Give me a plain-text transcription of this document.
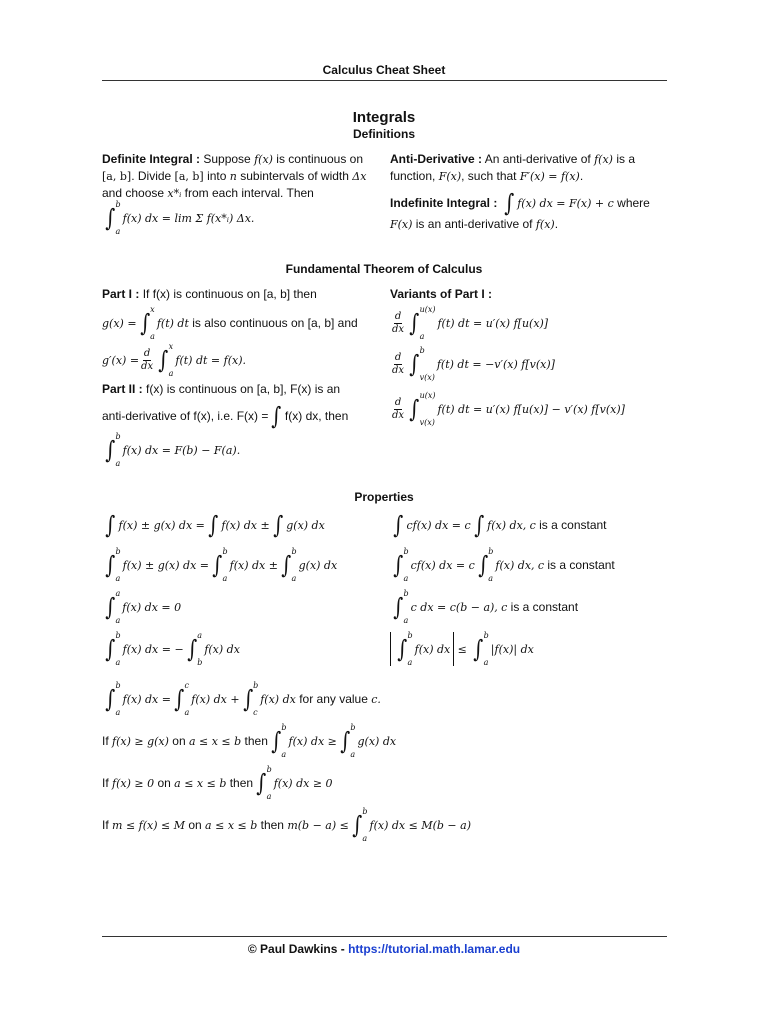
Calculus Cheat Sheet
Integrals
Definitions
Definite Integral : Suppose f(x) is continuous on
[a, b]. Divide [a, b] into n subintervals of width Δx
and choose x*ᵢ from each interval. Then
∫ b
a
f(x) dx = lim Σ f(x*ᵢ) Δx.
Anti-Derivative : An anti-derivative of f(x) is a
function, F(x), such that F′(x) = f(x).
Indefinite Integral :
∫ f(x) dx = F(x) + c
where
F(x) is an anti-derivative of f(x).
Fundamental Theorem of Calculus
Part I : If f(x) is continuous on [a, b] then
g(x) = ∫ x
a
f(t) dt
is also continuous on [a, b] and
$g'(x) = \frac{d}{dx}$ ∫ x
a
f(t) dt = f(x).
Part II : f(x) is continuous on [a, b], F(x) is an
anti-derivative of f(x), i.e. F(x) = ∫ f(x) dx, then
∫ b
a
f(x) dx = F(b) − F(a).
Variants of Part I :
$\frac{d}{dx}$ ∫ u(x)
a
f(t) dt = u′(x) f[u(x)]
$\frac{d}{dx}$ ∫ b
v(x)
f(t) dt = −v′(x) f[v(x)]
$\frac{d}{dx}$ ∫ u(x)
v(x)
f(t) dt = u′(x) f[u(x)] − v′(x) f[v(x)]
Properties
∫ f(x) ± g(x) dx = ∫ f(x) dx ± ∫ g(x) dx
∫ b
a
f(x) ± g(x) dx = ∫ b
a
f(x) dx ± ∫ b
a
g(x) dx
∫ a
a
f(x) dx = 0
∫ b
a
f(x) dx = − ∫ a
b
f(x) dx
∫ cf(x) dx = c ∫ f(x) dx,
c
is a constant
∫ b
a
cf(x) dx = c ∫ b
a
f(x) dx,
c
is a constant
∫ b
a
c dx = c(b − a),
c
is a constant
∫ b
a
f(x) dx
≤
∫ b
a
|f(x)| dx
∫ b
a
f(x) dx = ∫ c
a
f(x) dx + ∫ b
c
f(x) dx
for any value
c.
If
f(x) ≥ g(x)
on
a ≤ x ≤ b
then ∫ b
a
f(x) dx ≥ ∫ b
a
g(x) dx
If
f(x) ≥ 0
on
a ≤ x ≤ b
then ∫ b
a
f(x) dx ≥ 0
If
m ≤ f(x) ≤ M
on
a ≤ x ≤ b
then
m(b − a) ≤ ∫ b
a
f(x) dx ≤ M(b − a)
© Paul Dawkins - https://tutorial.math.lamar.edu
